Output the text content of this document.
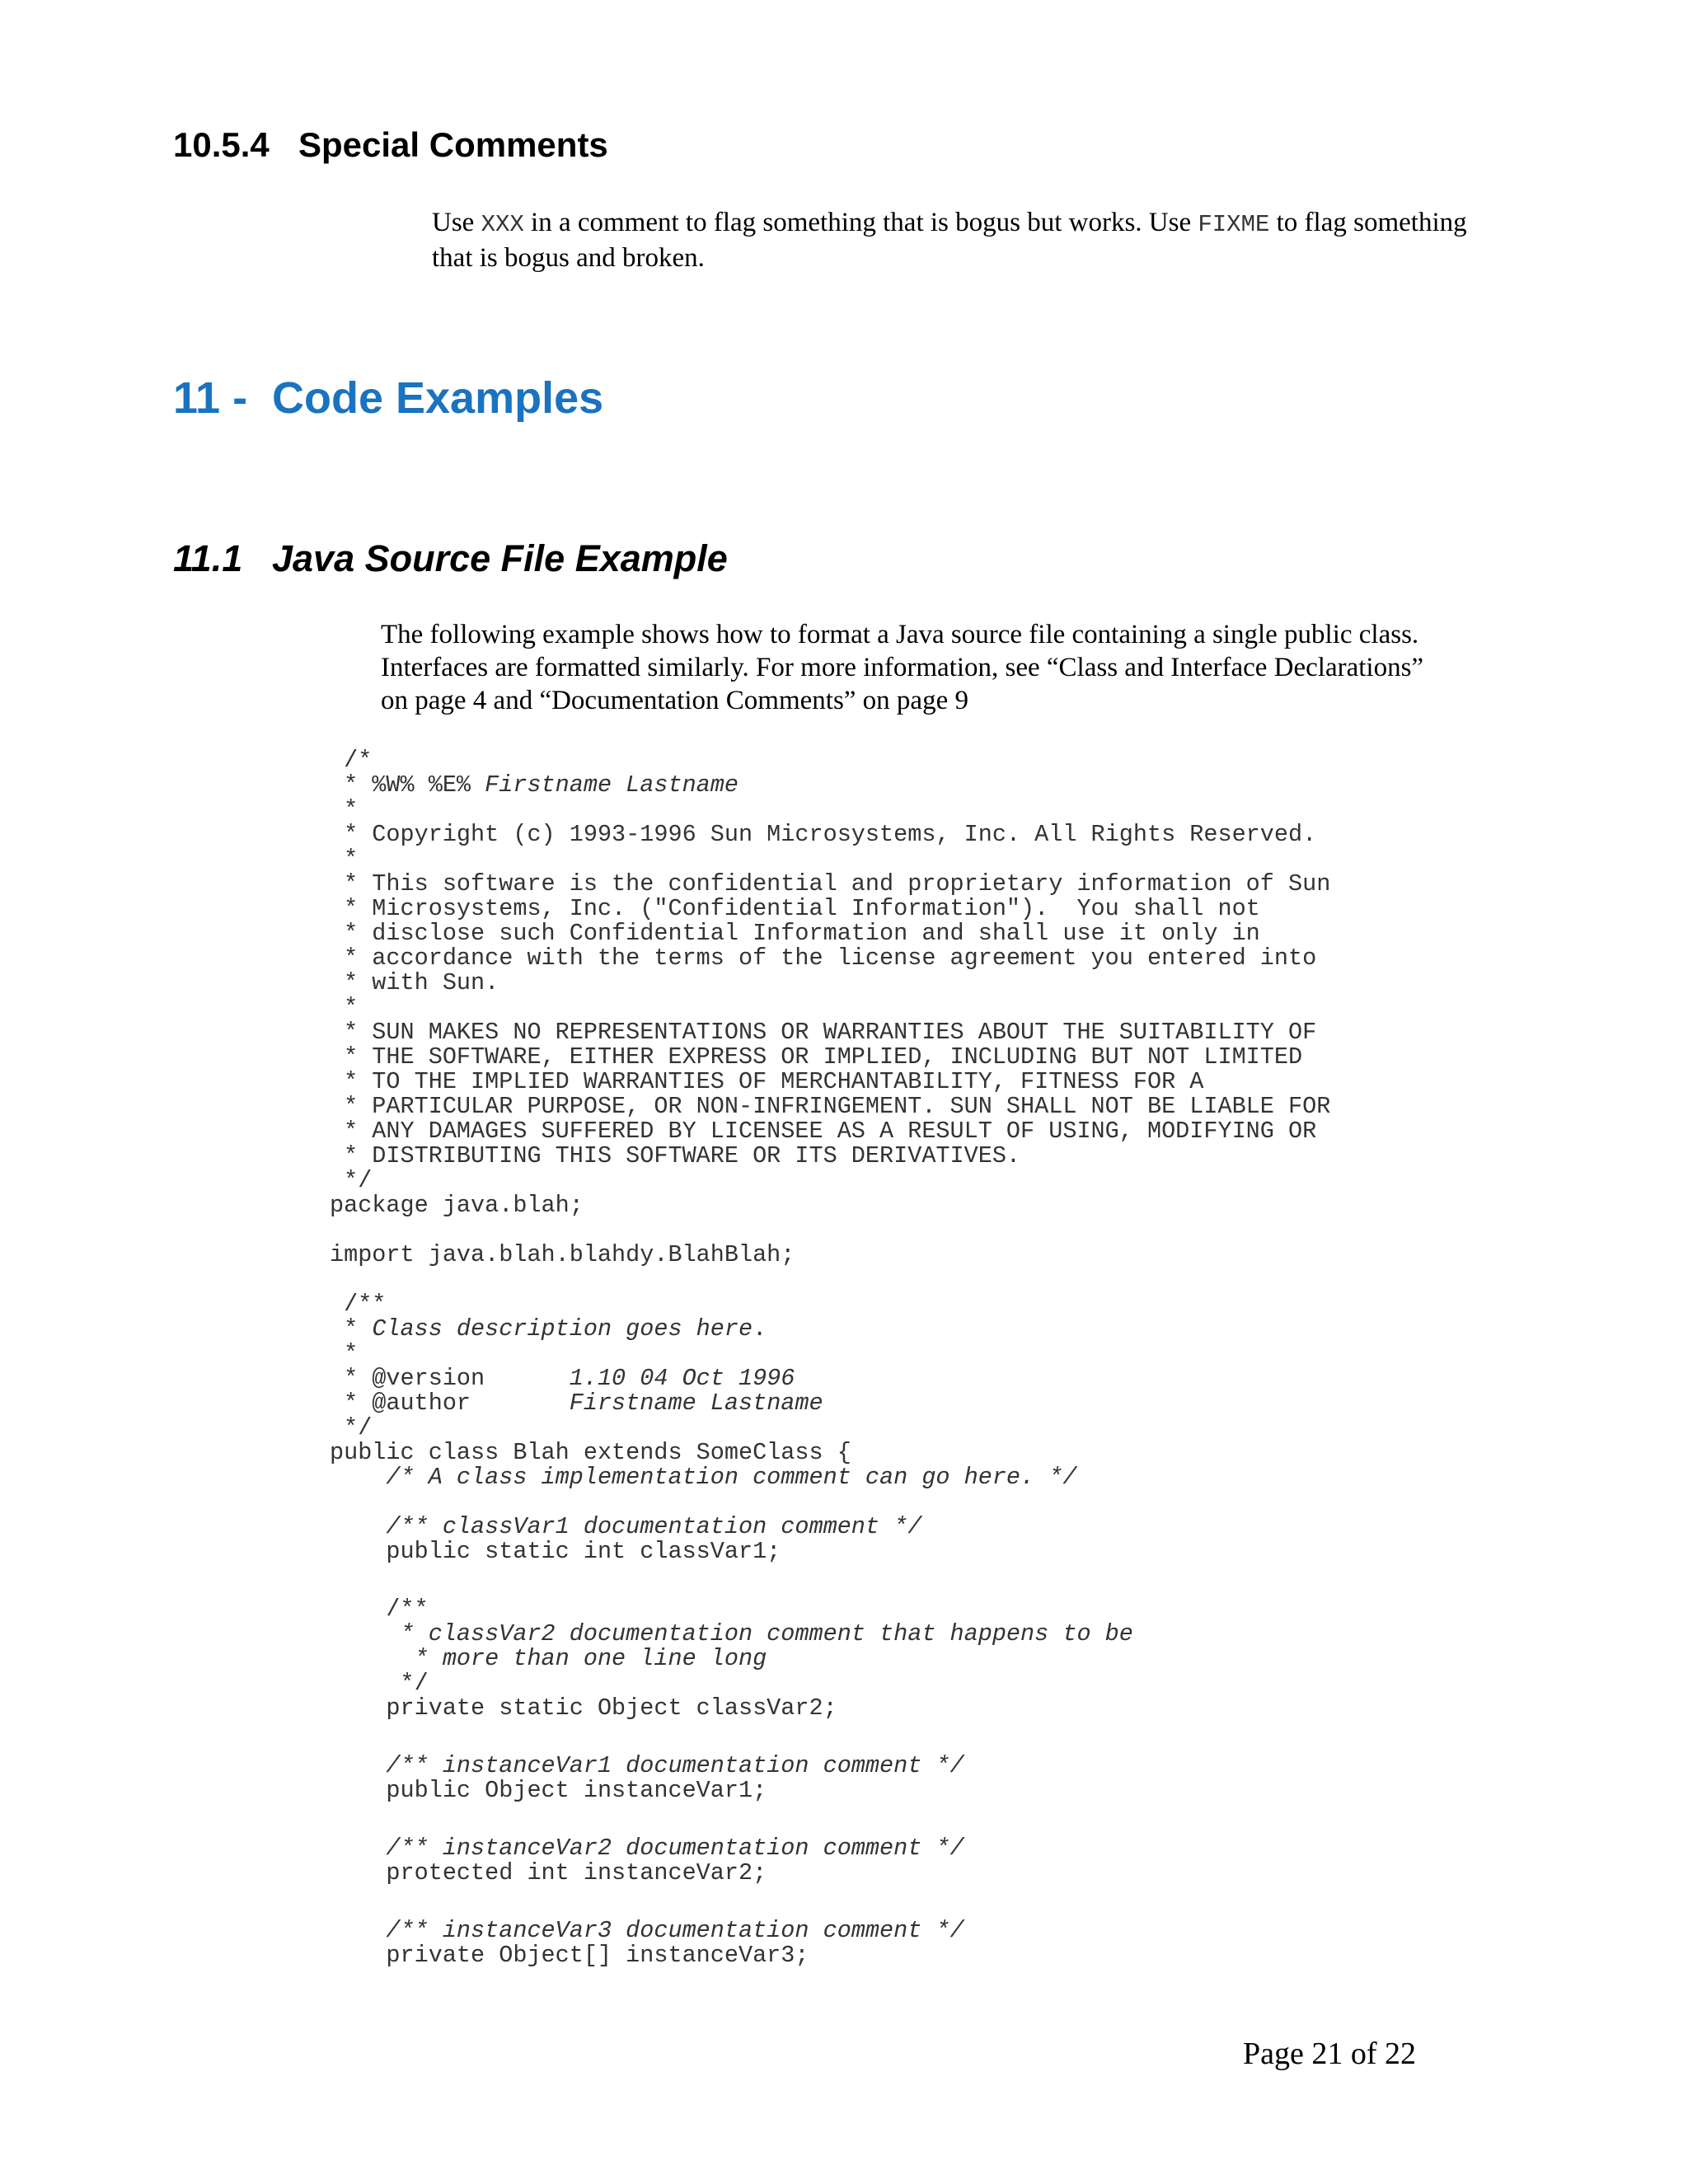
10.5.4 Special Comments

Use XXX in a comment to flag something that is bogus but works. Use FIXME to flag something that is bogus and broken.

11 - Code Examples
11.1 Java Source File Example

The following example shows how to format a Java source file containing a single public class. Interfaces are formatted similarly. For more information, see “Class and Interface Declarations” on page 4 and “Documentation Comments” on page 9

/*
* %W% %E% Firstname Lastname
*
* Copyright (c) 1993-1996 Sun Microsystems, Inc. All Rights Reserved.
*
* This software is the confidential and proprietary information of Sun
* Microsystems, Inc. ("Confidential Information").  You shall not
* disclose such Confidential Information and shall use it only in
* accordance with the terms of the license agreement you entered into
* with Sun.
*
* SUN MAKES NO REPRESENTATIONS OR WARRANTIES ABOUT THE SUITABILITY OF
* THE SOFTWARE, EITHER EXPRESS OR IMPLIED, INCLUDING BUT NOT LIMITED
* TO THE IMPLIED WARRANTIES OF MERCHANTABILITY, FITNESS FOR A
* PARTICULAR PURPOSE, OR NON-INFRINGEMENT. SUN SHALL NOT BE LIABLE FOR
* ANY DAMAGES SUFFERED BY LICENSEE AS A RESULT OF USING, MODIFYING OR
* DISTRIBUTING THIS SOFTWARE OR ITS DERIVATIVES.
*/
package java.blah;
import java.blah.blahdy.BlahBlah;
/**
* Class description goes here.
*
* @version      1.10 04 Oct 1996
* @author       Firstname Lastname
*/
public class Blah extends SomeClass {
/* A class implementation comment can go here. */
/** classVar1 documentation comment */
public static int classVar1;
/**
* classVar2 documentation comment that happens to be
* more than one line long
*/
private static Object classVar2;
/** instanceVar1 documentation comment */
public Object instanceVar1;
/** instanceVar2 documentation comment */
protected int instanceVar2;
/** instanceVar3 documentation comment */
private Object[] instanceVar3;

Page 21 of 22
